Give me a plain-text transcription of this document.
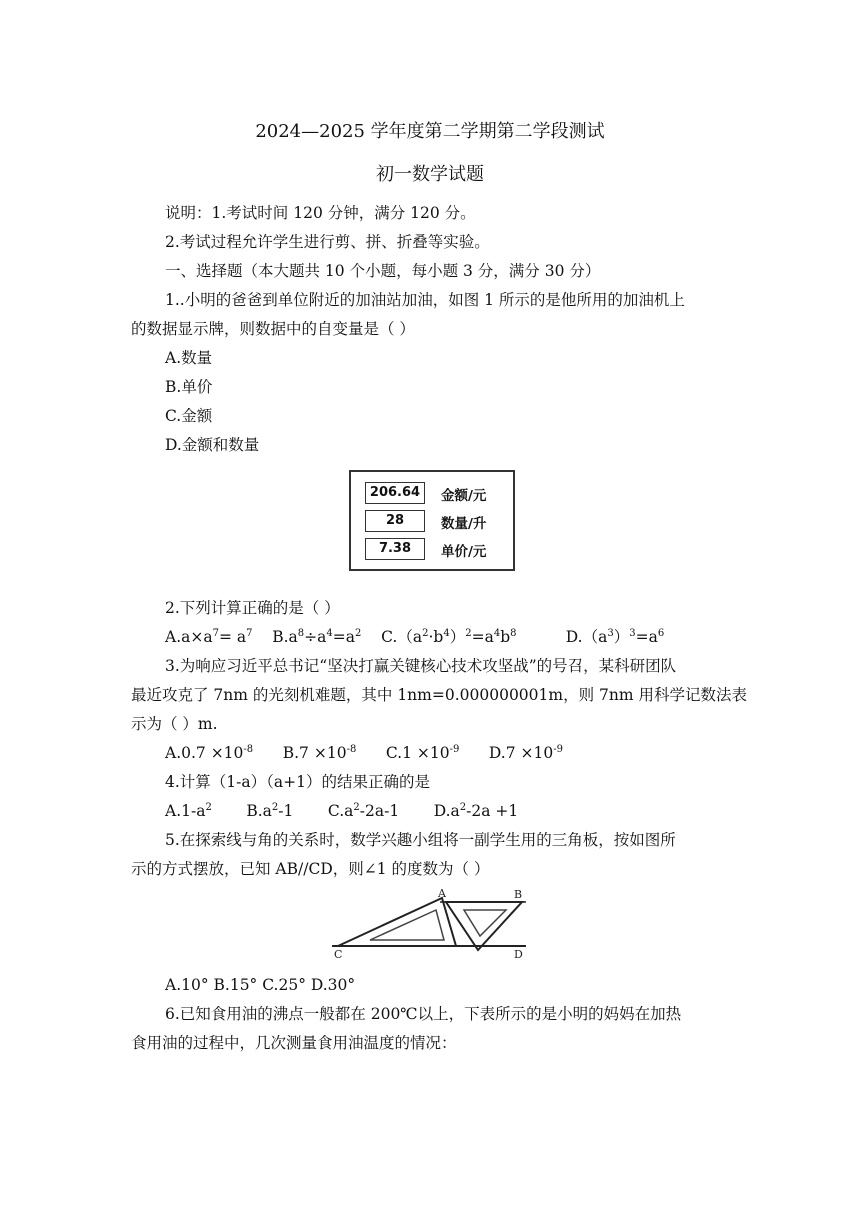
2024—2025 学年度第二学期第二学段测试
初一数学试题
说明：1.考试时间 120 分钟，满分 120 分。
2.考试过程允许学生进行剪、拼、折叠等实验。
一、选择题（本大题共 10 个小题，每小题 3 分，满分 30 分）
1..小明的爸爸到单位附近的加油站加油，如图 1 所示的是他所用的加油机上
的数据显示牌，则数据中的自变量是（ ）
A.数量
B.单价
C.金额
D.金额和数量
206.64	金额/元
28	数量/升
7.38	单价/元
2.下列计算正确的是（ ）
$A.a\times a^7= a^7$ $B.a^8\div a^4=a^2$ $C.(a^2\cdot b^4)^2=a^4b^8$	$D.(a^3)^3=a^6$
3.为响应习近平总书记“坚决打赢关键核心技术攻坚战”的号召，某科研团队
最近攻克了 7nm 的光刻机难题，其中 1nm=0.000000001m，则 7nm 用科学记数法表
示为（ ）m.
$A.0.7 \times 10^{-8}$ $B.7 \times 10^{-8}$ $C.1 \times 10^{-9}$ $D.7 \times 10^{-9}$
4.计算（1-a）（a+1）的结果正确的是
$A.1-a^2$ $B.a^2-1$ $C.a^2-2a-1$ $D.a^2-2a +1$
5.在探索线与角的关系时，数学兴趣小组将一副学生用的三角板，按如图所
示的方式摆放，已知 AB//CD，则∠1 的度数为（ ）
A	B
C	D
A.10° B.15° C.25° D.30°
6.已知食用油的沸点一般都在 200℃以上，下表所示的是小明的妈妈在加热
食用油的过程中，几次测量食用油温度的情况：
